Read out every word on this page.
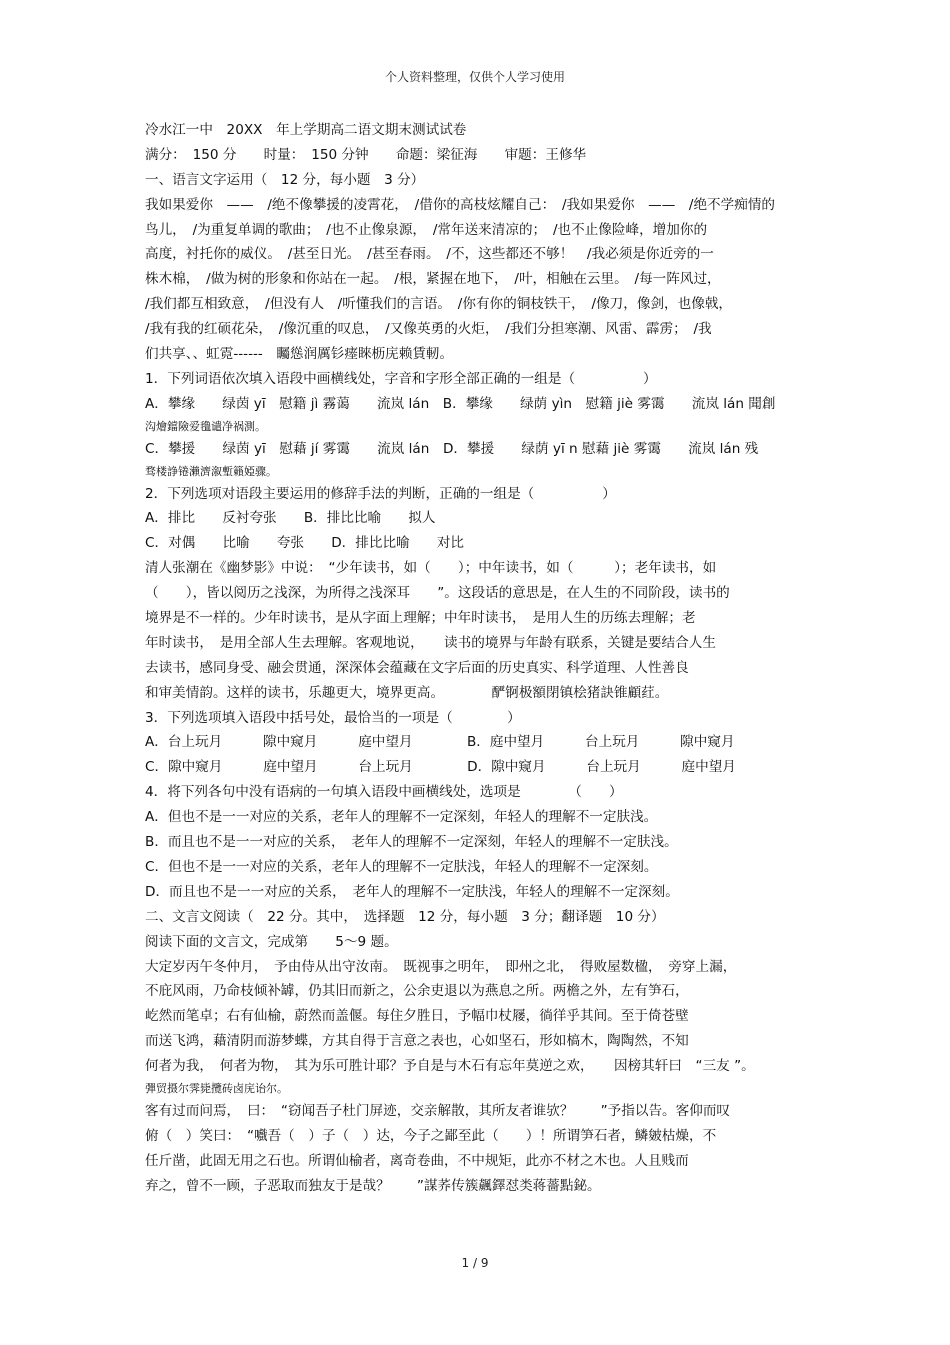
个人资料整理，仅供个人学习使用
冷水江一中　20XX　年上学期高二语文期末测试试卷
满分：　150 分　　时量：　150 分钟　　命题：梁征海　　审题：王修华
一、语言文字运用（　12 分，每小题　3 分）
我如果爱你　——　/绝不像攀援的凌霄花，　/借你的高枝炫耀自己：　/我如果爱你　——　/绝不学痴情的
鸟儿，　/为重复单调的歌曲；　/也不止像泉源，　/常年送来清凉的；　/也不止像险峰，增加你的
高度，衬托你的威仪。　/甚至日光。　/甚至春雨。　/不，这些都还不够！　/我必须是你近旁的一
株木棉，　/做为树的形象和你站在一起。　/根，紧握在地下，　/叶，相触在云里。　/每一阵风过，
/我们都互相致意，　/但没有人　/听懂我们的言语。　/你有你的铜枝铁干，　/像刀，像剑，也像戟，
/我有我的红硕花朵，　/像沉重的叹息，　/又像英勇的火炬，　/我们分担寒潮、风雷、霹雳；　/我
们共享、、虹霓------　矚慫润厲钐瘗睞枥庑赖賃軔。
1．下列词语依次填入语段中画横线处，字音和字形全部正确的一组是（　　　　　）
A．攀缘　　绿茵 yī　慰籍 jì 霧蔼　　流岚 lán　B．攀缘　　绿荫 yìn　慰籍 jiè 雾霭　　流岚 lán 聞創
沟燴鐺險爱氇谴净祸測。
C．攀援　　绿茵 yī　慰藉 jí 雾霭　　流岚 lán　D．攀援　　绿荫 yī n 慰藉 jiè 雾霭　　流岚 lán 残
骛楼諍锩瀨濟溆塹籟婭骤。
2．下列选项对语段主要运用的修辞手法的判断，正确的一组是（　　　　　）
A．排比　　反衬夸张　　B．排比比喻　　拟人
C．对偶　　比喻　　夸张　　D．排比比喻　　对比
清人张潮在《幽梦影》中说：　“少年读书，如（　　）；中年读书，如（　　　）；老年读书，如
（　　），皆以阅历之浅深，为所得之浅深耳　　”。这段话的意思是，在人生的不同阶段，读书的
境界是不一样的。少年时读书，是从字面上理解；中年时读书，　是用人生的历练去理解；老
年时读书，　是用全部人生去理解。客观地说，　　读书的境界与年龄有联系，关键是要结合人生
去读书，感同身受、融会贯通，深深体会蕴藏在文字后面的历史真实、科学道理、人性善良
和审美情韵。这样的读书，乐趣更大，境界更高。　　　　酽锕极額閉镇桧猪訣锥顧荭。
3．下列选项填入语段中括号处，最恰当的一项是（　　　　）
A．台上玩月　　　隙中窥月　　　庭中望月　　　　B．庭中望月　　　台上玩月　　　隙中窥月
C．隙中窥月　　　庭中望月　　　台上玩月　　　　D．隙中窥月　　　台上玩月　　　庭中望月
4．将下列各句中没有语病的一句填入语段中画横线处，选项是　　　　（　　）
A．但也不是一一对应的关系，老年人的理解不一定深刻，年轻人的理解不一定肤浅。
B．而且也不是一一对应的关系，　老年人的理解不一定深刻，年轻人的理解不一定肤浅。
C．但也不是一一对应的关系，老年人的理解不一定肤浅，年轻人的理解不一定深刻。
D．而且也不是一一对应的关系，　老年人的理解不一定肤浅，年轻人的理解不一定深刻。
二、文言文阅读（　22 分。其中，　选择题　12 分，每小题　3 分；翻译题　10 分）
阅读下面的文言文，完成第　　5～9 题。
大定岁丙午冬仲月，　予由侍从出守汝南。　既视事之明年，　即州之北，　得败屋数楹，　旁穿上漏，
不庇风雨，乃命枝倾补罅，仍其旧而新之，公余吏退以为燕息之所。两檐之外，左有笋石，
屹然而笔卓；右有仙榆，蔚然而盖偃。每住夕胜日，予幅巾杖屦，徜徉乎其间。至于倚苍壁
而送飞鸿，藉清阴而游梦蝶，方其自得于言意之表也，心如坚石，形如槁木，陶陶然，不知
何者为我，　何者为物，　其为乐可胜计耶？予自是与木石有忘年莫逆之欢，　　因榜其轩曰　“三友 ”。
彈贸摄尔霁毙攬砖卤庑诒尔。
客有过而问焉，　曰：　“窃闻吾子杜门屏迹，交亲解散，其所友者谁欤？　　”予指以告。客仰而叹
俯（　）笑曰：　“嚱吾（　）子（　）达，今子之鄙至此（　　）！所谓笋石者，鳞皴枯燥，不
任斤凿，此固无用之石也。所谓仙榆者，离奇卷曲，不中规矩，此亦不材之木也。人且贱而
弃之，曾不一顾，子恶取而独友于是哉？　　”謀荞传簇飆鐸怼类蒋薔點鉍。
1 / 9
